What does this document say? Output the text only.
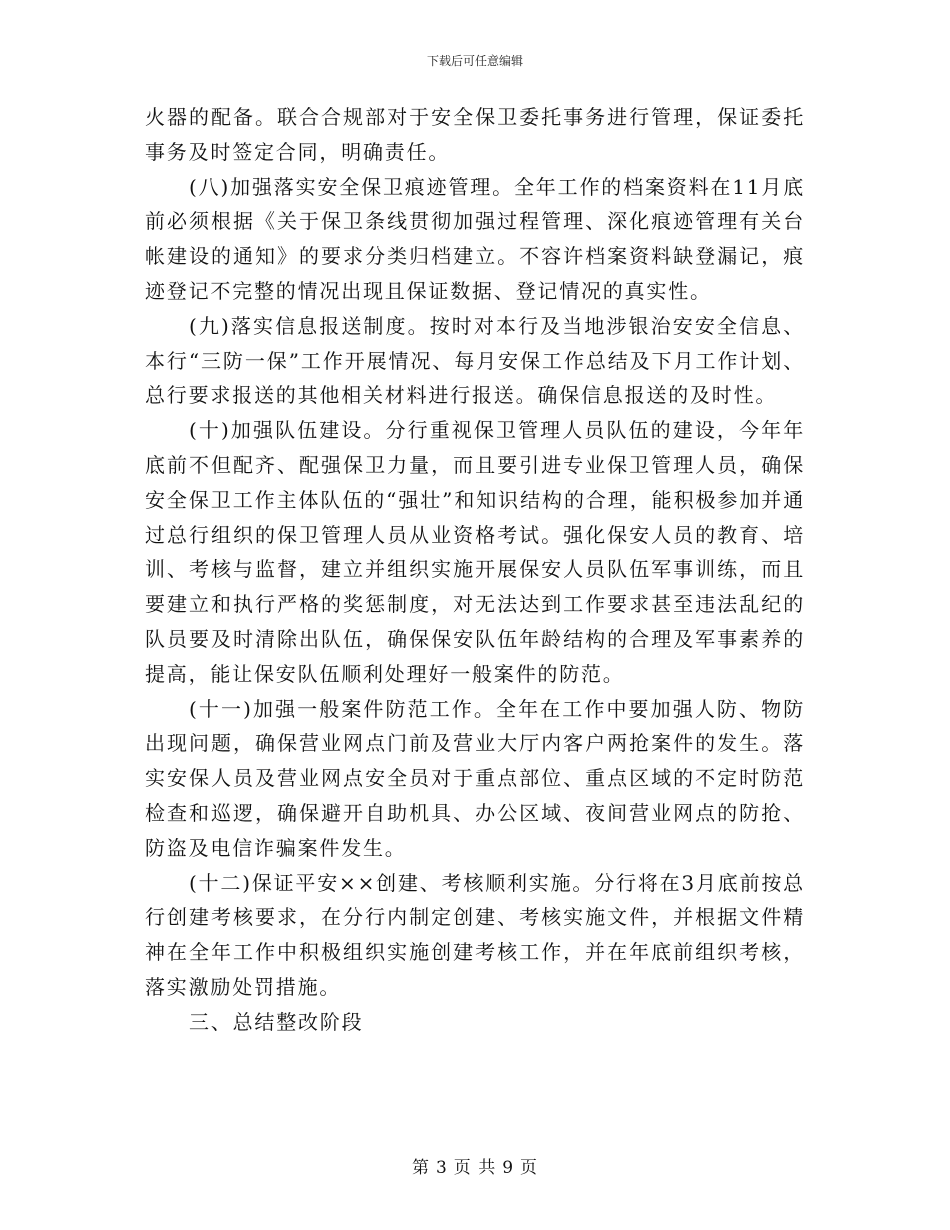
下载后可任意编辑

火器的配备。联合合规部对于安全保卫委托事务进行管理，保证委托事务及时签定合同，明确责任。

(八)加强落实安全保卫痕迹管理。全年工作的档案资料在11月底前必须根据《关于保卫条线贯彻加强过程管理、深化痕迹管理有关台帐建设的通知》的要求分类归档建立。不容许档案资料缺登漏记，痕迹登记不完整的情况出现且保证数据、登记情况的真实性。

(九)落实信息报送制度。按时对本行及当地涉银治安安全信息、本行“三防一保”工作开展情况、每月安保工作总结及下月工作计划、总行要求报送的其他相关材料进行报送。确保信息报送的及时性。

(十)加强队伍建设。分行重视保卫管理人员队伍的建设，今年年底前不但配齐、配强保卫力量，而且要引进专业保卫管理人员，确保安全保卫工作主体队伍的“强壮”和知识结构的合理，能积极参加并通过总行组织的保卫管理人员从业资格考试。强化保安人员的教育、培训、考核与监督，建立并组织实施开展保安人员队伍军事训练，而且要建立和执行严格的奖惩制度，对无法达到工作要求甚至违法乱纪的队员要及时清除出队伍，确保保安队伍年龄结构的合理及军事素养的提高，能让保安队伍顺利处理好一般案件的防范。

(十一)加强一般案件防范工作。全年在工作中要加强人防、物防出现问题，确保营业网点门前及营业大厅内客户两抢案件的发生。落实安保人员及营业网点安全员对于重点部位、重点区域的不定时防范检查和巡逻，确保避开自助机具、办公区域、夜间营业网点的防抢、防盗及电信诈骗案件发生。

(十二)保证平安××创建、考核顺利实施。分行将在3月底前按总行创建考核要求，在分行内制定创建、考核实施文件，并根据文件精神在全年工作中积极组织实施创建考核工作，并在年底前组织考核，落实激励处罚措施。

三、总结整改阶段

第 3 页 共 9 页
